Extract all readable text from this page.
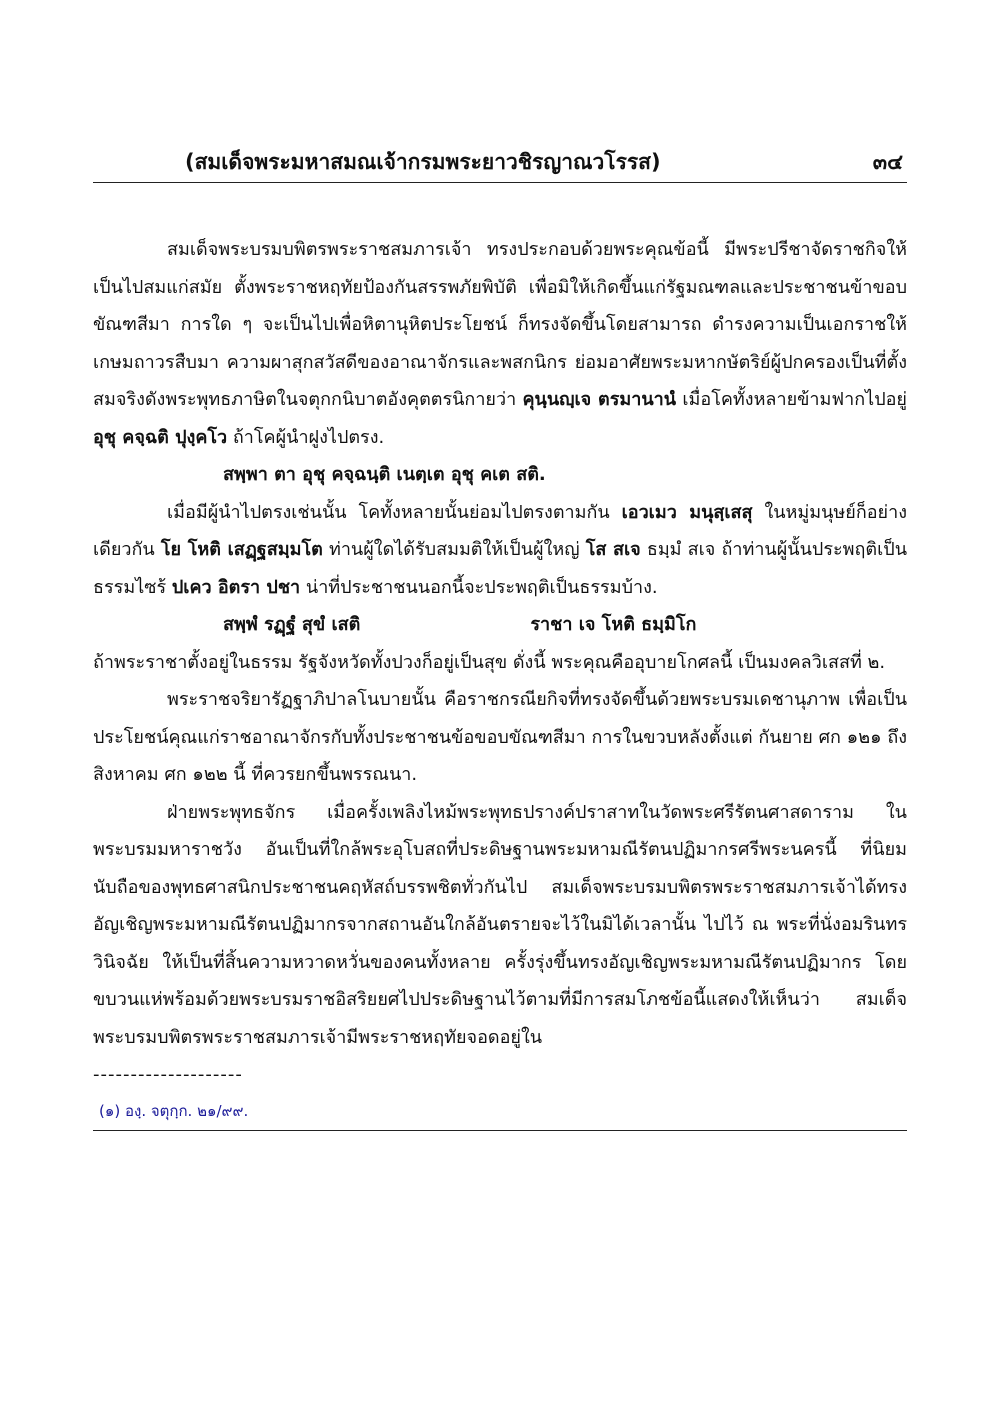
(สมเด็จพระมหาสมณเจ้ากรมพระยาวชิรญาณวโรรส)	๓๔

สมเด็จพระบรมบพิตรพระราชสมภารเจ้า ทรงประกอบด้วยพระคุณข้อนี้ มีพระปรีชาจัดราชกิจให้เป็นไปสมแก่สมัย ตั้งพระราชหฤทัยป้องกันสรรพภัยพิบัติ เพื่อมิให้เกิดขึ้นแก่รัฐมณฑลและประชาชนข้าขอบขัณฑสีมา การใด ๆ จะเป็นไปเพื่อหิตานุหิตประโยชน์ ก็ทรงจัดขึ้นโดยสามารถ ดำรงความเป็นเอกราชให้เกษมถาวรสืบมา ความผาสุกสวัสดีของอาณาจักรและพสกนิกร ย่อมอาศัยพระมหากษัตริย์ผู้ปกครองเป็นที่ตั้งสมจริงดังพระพุทธภาษิตในจตุกกนิบาตอังคุตตรนิกายว่า คุนฺนญฺเจ ตรมานานํ เมื่อโคทั้งหลายข้ามฟากไปอยู่ อุชุ คจฺฉติ ปุงฺคโว ถ้าโคผู้นำฝูงไปตรง.

สพฺพา ตา อุชุ คจฺฉนฺติ เนตฺเต อุชุ คเต สติ.

เมื่อมีผู้นำไปตรงเช่นนั้น โคทั้งหลายนั้นย่อมไปตรงตามกัน เอวเมว มนุสฺเสสุ ในหมู่มนุษย์ก็อย่างเดียวกัน โย โหติ เสฏฺฐสมฺมโต ท่านผู้ใดได้รับสมมติให้เป็นผู้ใหญ่ โส สเจ ธมฺมํ สเจ ถ้าท่านผู้นั้นประพฤติเป็นธรรมไซร้ ปเคว อิตรา ปชา น่าที่ประชาชนนอกนี้จะประพฤติเป็นธรรมบ้าง.

สพฺพํ รฏฺฐํ สุขํ เสติ	ราชา เจ โหติ ธมฺมิโก

ถ้าพระราชาตั้งอยู่ในธรรม รัฐจังหวัดทั้งปวงก็อยู่เป็นสุข ดั่งนี้ พระคุณคืออุบายโกศลนี้ เป็นมงคลวิเสสที่ ๒.

พระราชจริยารัฏฐาภิปาลโนบายนั้น คือราชกรณียกิจที่ทรงจัดขึ้นด้วยพระบรมเดชานุภาพ เพื่อเป็นประโยชน์คุณแก่ราชอาณาจักรกับทั้งประชาชนข้อขอบขัณฑสีมา การในขวบหลังตั้งแต่ กันยาย ศก ๑๒๑ ถึง สิงหาคม ศก ๑๒๒ นี้ ที่ควรยกขึ้นพรรณนา.

ฝ่ายพระพุทธจักร เมื่อครั้งเพลิงไหม้พระพุทธปรางค์ปราสาทในวัดพระศรีรัตนศาสดาราม ในพระบรมมหาราชวัง อันเป็นที่ใกล้พระอุโบสถที่ประดิษฐานพระมหามณีรัตนปฏิมากรศรีพระนครนี้ ที่นิยมนับถือของพุทธศาสนิกประชาชนคฤหัสถ์บรรพชิตทั่วกันไป สมเด็จพระบรมบพิตรพระราชสมภารเจ้าได้ทรงอัญเชิญพระมหามณีรัตนปฏิมากรจากสถานอันใกล้อันตรายจะไว้ในมิได้เวลานั้น ไปไว้ ณ พระที่นั่งอมรินทรวินิจฉัย ให้เป็นที่สิ้นความหวาดหวั่นของคนทั้งหลาย ครั้งรุ่งขึ้นทรงอัญเชิญพระมหามณีรัตนปฏิมากร โดยขบวนแห่พร้อมด้วยพระบรมราชอิสริยยศไปประดิษฐานไว้ตามที่มีการสมโภชข้อนี้แสดงให้เห็นว่า สมเด็จพระบรมบพิตรพระราชสมภารเจ้ามีพระราชหฤทัยจอดอยู่ใน

--------------------
(๑) องฺ. จตุกฺก. ๒๑/๙๙.
